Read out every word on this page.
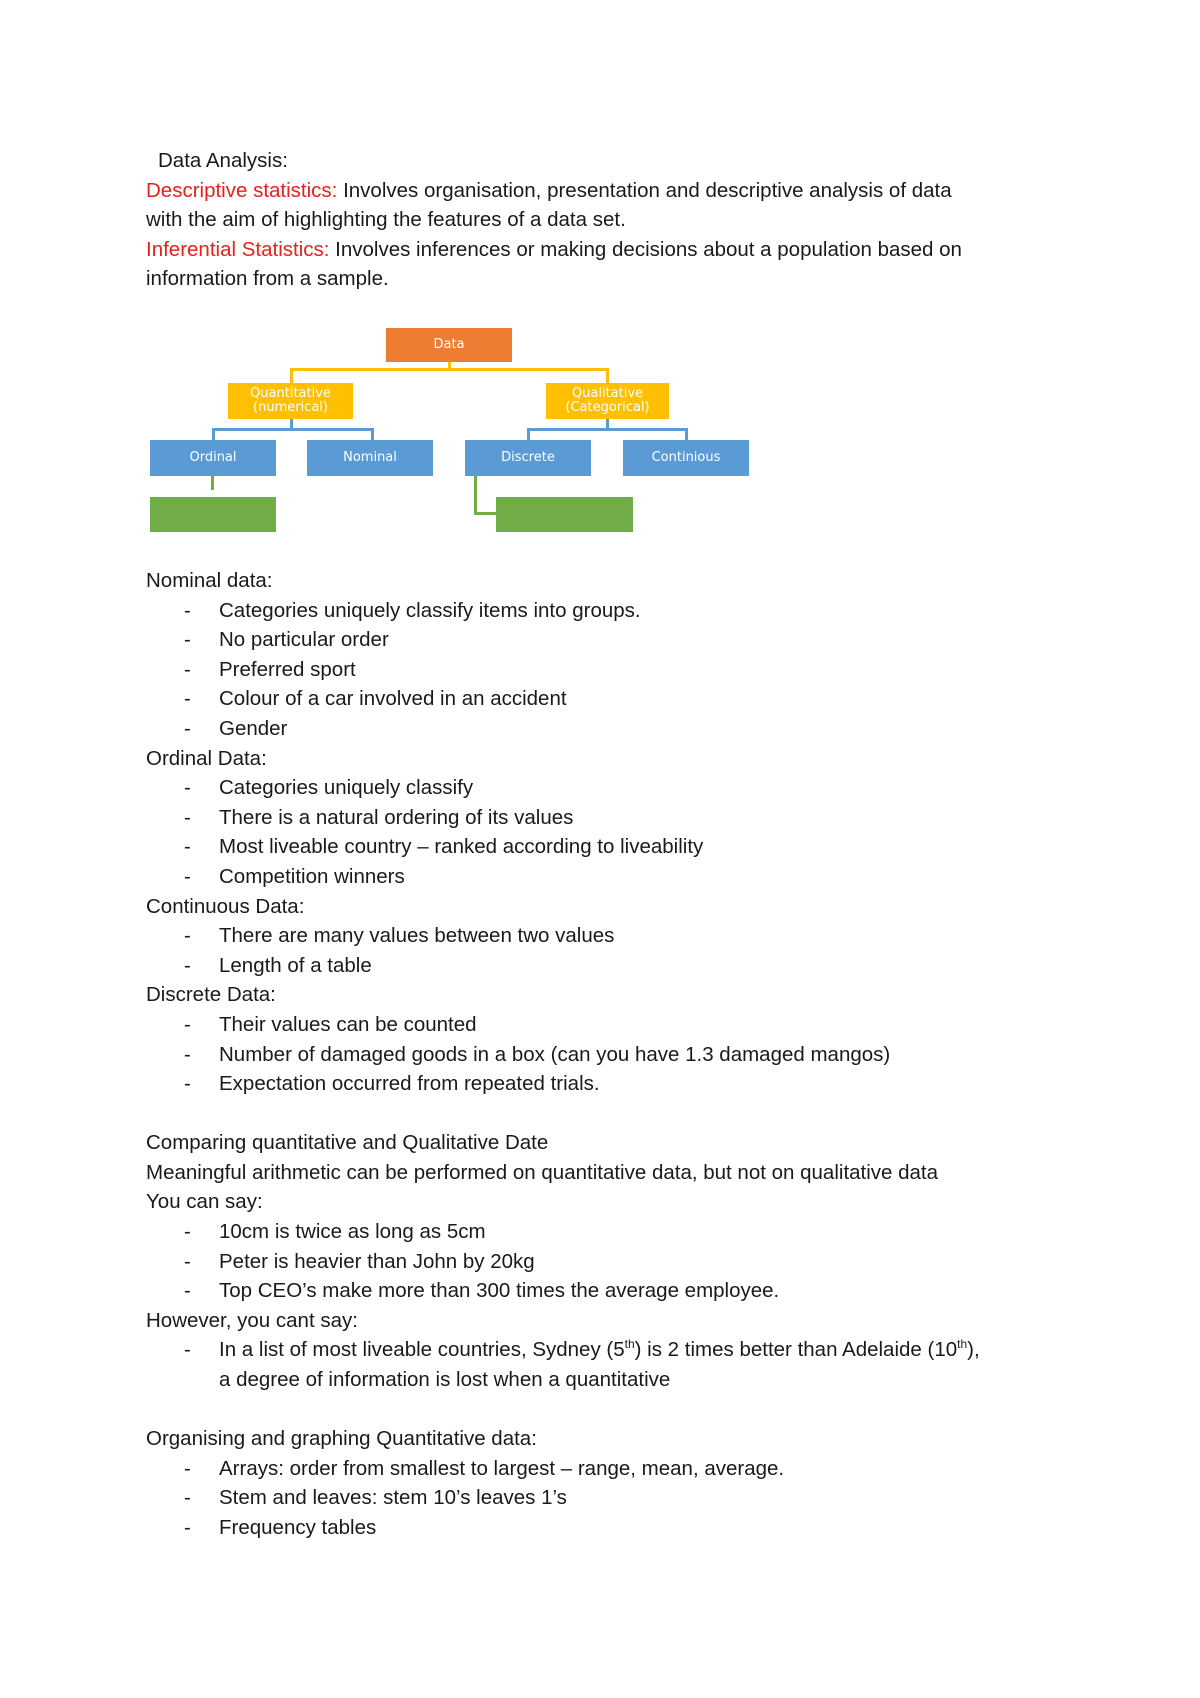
Data Analysis:
Descriptive statistics: Involves organisation, presentation and descriptive analysis of data
with the aim of highlighting the features of a data set.
Inferential Statistics: Involves inferences or making decisions about a population based on
information from a sample.
Data
Quantitative
(numerical)
Qualitative
(Categorical)
Ordinal	Nominal	Discrete	Continious
Nominal data:
- Categories uniquely classify items into groups.
- No particular order
- Preferred sport
- Colour of a car involved in an accident
- Gender
Ordinal Data:
- Categories uniquely classify
- There is a natural ordering of its values
- Most liveable country – ranked according to liveability
- Competition winners
Continuous Data:
- There are many values between two values
- Length of a table
Discrete Data:
- Their values can be counted
- Number of damaged goods in a box (can you have 1.3 damaged mangos)
- Expectation occurred from repeated trials.
Comparing quantitative and Qualitative Date
Meaningful arithmetic can be performed on quantitative data, but not on qualitative data
You can say:
- 10cm is twice as long as 5cm
- Peter is heavier than John by 20kg
- Top CEO’s make more than 300 times the average employee.
However, you cant say:
- In a list of most liveable countries, Sydney (5th) is 2 times better than Adelaide (10th),
a degree of information is lost when a quantitative
Organising and graphing Quantitative data:
- Arrays: order from smallest to largest – range, mean, average.
- Stem and leaves: stem 10’s leaves 1’s
- Frequency tables
